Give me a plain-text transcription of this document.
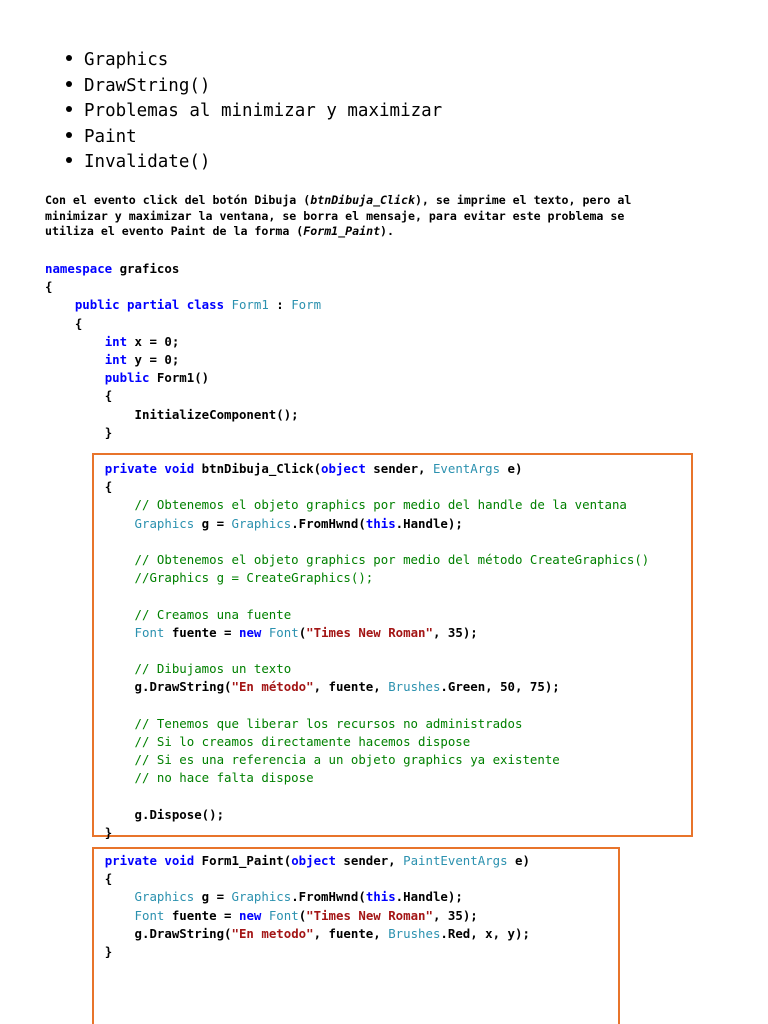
Graphics
DrawString()
Problemas al minimizar y maximizar
Paint
Invalidate()
Con el evento click del botón Dibuja (btnDibuja_Click), se imprime el texto, pero al
minimizar y maximizar la ventana, se borra el mensaje, para evitar este problema se
utiliza el evento Paint de la forma (Form1_Paint).
namespace graficos
{
public partial class Form1 : Form
{
int x = 0;
int y = 0;
public Form1()
{
InitializeComponent();
}
private void btnDibuja_Click(object sender, EventArgs e)
{
// Obtenemos el objeto graphics por medio del handle de la ventana
Graphics g = Graphics.FromHwnd(this.Handle);

// Obtenemos el objeto graphics por medio del método CreateGraphics()
//Graphics g = CreateGraphics();

// Creamos una fuente
Font fuente = new Font("Times New Roman", 35);

// Dibujamos un texto
g.DrawString("En método", fuente, Brushes.Green, 50, 75);

// Tenemos que liberar los recursos no administrados
// Si lo creamos directamente hacemos dispose
// Si es una referencia a un objeto graphics ya existente
// no hace falta dispose

g.Dispose();
}
private void Form1_Paint(object sender, PaintEventArgs e)
{
Graphics g = Graphics.FromHwnd(this.Handle);
Font fuente = new Font("Times New Roman", 35);
g.DrawString("En metodo", fuente, Brushes.Red, x, y);
}
